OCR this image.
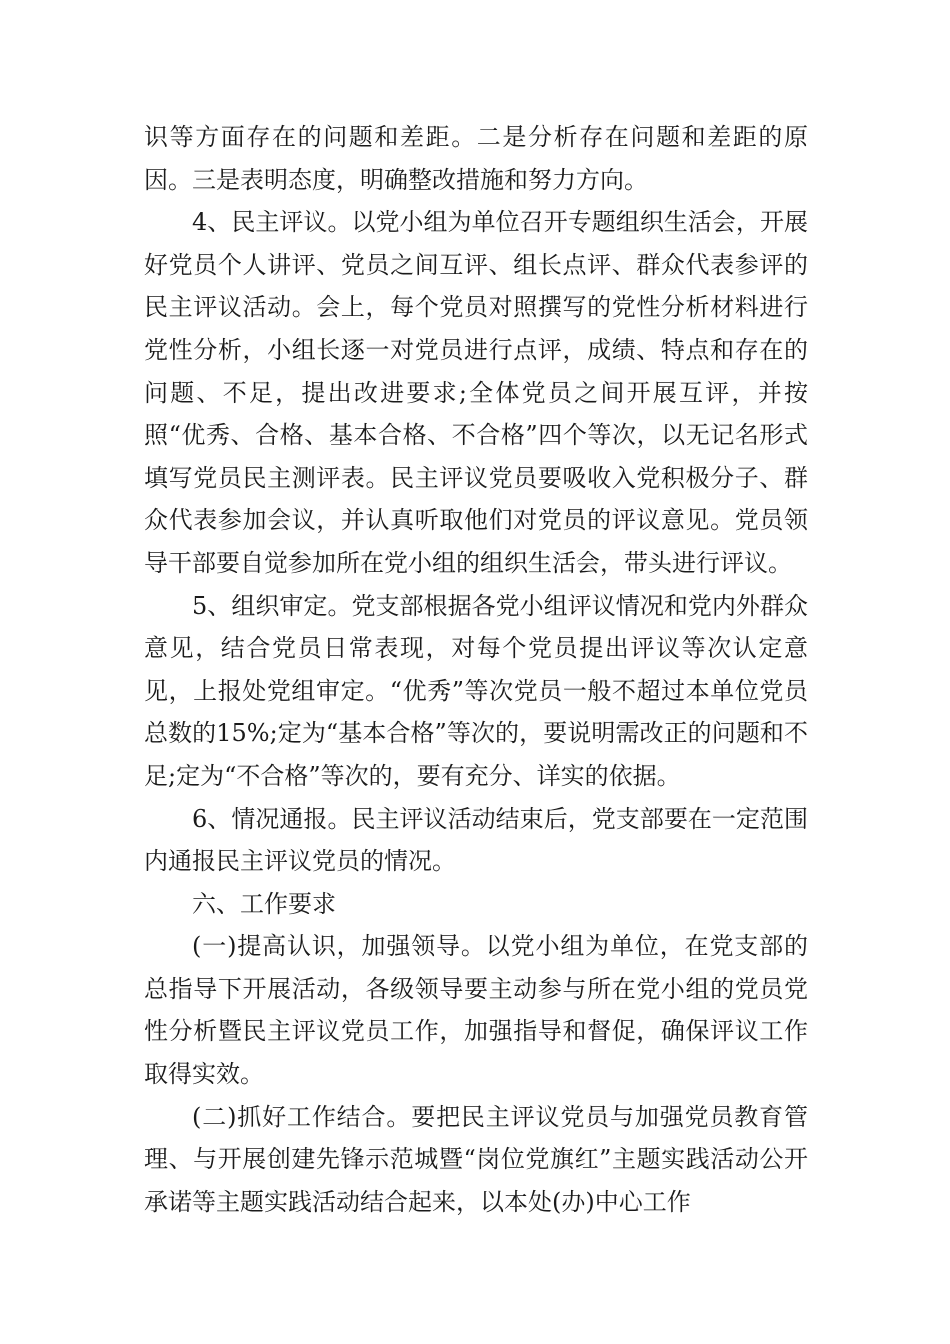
识等方面存在的问题和差距。二是分析存在问题和差距的原因。三是表明态度，明确整改措施和努力方向。

4、民主评议。以党小组为单位召开专题组织生活会，开展好党员个人讲评、党员之间互评、组长点评、群众代表参评的民主评议活动。会上，每个党员对照撰写的党性分析材料进行党性分析，小组长逐一对党员进行点评，成绩、特点和存在的问题、不足，提出改进要求;全体党员之间开展互评，并按照“优秀、合格、基本合格、不合格”四个等次，以无记名形式填写党员民主测评表。民主评议党员要吸收入党积极分子、群众代表参加会议，并认真听取他们对党员的评议意见。党员领导干部要自觉参加所在党小组的组织生活会，带头进行评议。

5、组织审定。党支部根据各党小组评议情况和党内外群众意见，结合党员日常表现，对每个党员提出评议等次认定意见，上报处党组审定。“优秀”等次党员一般不超过本单位党员总数的15%;定为“基本合格”等次的，要说明需改正的问题和不足;定为“不合格”等次的，要有充分、详实的依据。

6、情况通报。民主评议活动结束后，党支部要在一定范围内通报民主评议党员的情况。

六、工作要求

(一)提高认识，加强领导。以党小组为单位，在党支部的总指导下开展活动，各级领导要主动参与所在党小组的党员党性分析暨民主评议党员工作，加强指导和督促，确保评议工作取得实效。

(二)抓好工作结合。要把民主评议党员与加强党员教育管理、与开展创建先锋示范城暨“岗位党旗红”主题实践活动公开承诺等主题实践活动结合起来，以本处(办)中心工作
